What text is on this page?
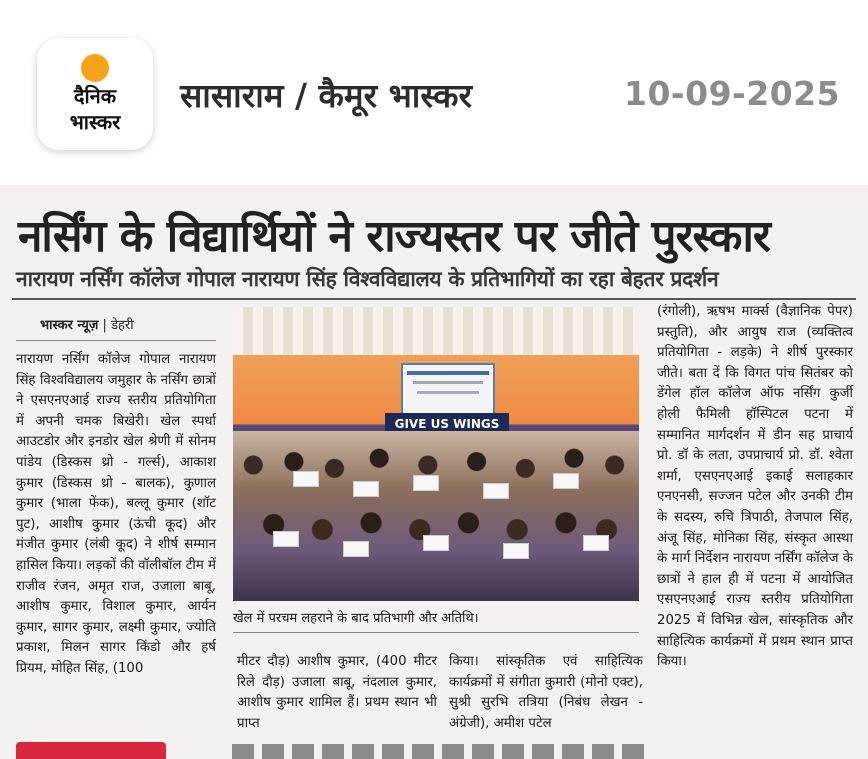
दैनिक
भास्कर
सासाराम / कैमूर भास्कर	10-09-2025
नर्सिंग के विद्यार्थियों ने राज्यस्तर पर जीते पुरस्कार
नारायण नर्सिंग कॉलेज गोपाल नारायण सिंह विश्वविद्यालय के प्रतिभागियों का रहा बेहतर प्रदर्शन
भास्कर न्यूज़ | डेहरी
नारायण नर्सिंग कॉलेज गोपाल नारायण सिंह विश्वविद्यालय जमुहार के नर्सिंग छात्रों ने एसएनएआई राज्य स्तरीय प्रतियोगिता में अपनी चमक बिखेरी। खेल स्पर्धा आउटडोर और इनडोर खेल श्रेणी में सोनम पांडेय (डिस्कस थ्रो - गर्ल्स), आकाश कुमार (डिस्कस थ्रो - बालक), कुणाल कुमार (भाला फेंक), बल्लू कुमार (शॉट पुट), आशीष कुमार (ऊंची कूद) और मंजीत कुमार (लंबी कूद) ने शीर्ष सम्मान हासिल किया। लड़कों की वॉलीबॉल टीम में राजीव रंजन, अमृत राज, उजाला बाबू, आशीष कुमार, विशाल कुमार, आर्यन कुमार, सागर कुमार, लक्ष्मी कुमार, ज्योति प्रकाश, मिलन सागर किंडो और हर्ष प्रियम, मोहित सिंह, (100
GIVE US WINGS
खेल में परचम लहराने के बाद प्रतिभागी और अतिथि।
मीटर दौड़) आशीष कुमार, (400 मीटर रिले दौड़) उजाला बाबू, नंदलाल कुमार, आशीष कुमार शामिल हैं। प्रथम स्थान भी प्राप्त
किया। सांस्कृतिक एवं साहित्यिक कार्यक्रमों में संगीता कुमारी (मोनो एक्ट), सुश्री सुरभि तत्रिया (निबंध लेखन - अंग्रेजी), अमीश पटेल
(रंगोली), ऋषभ मार्क्स (वैज्ञानिक पेपर) प्रस्तुति), और आयुष राज (व्यक्तित्व प्रतियोगिता - लड़के) ने शीर्ष पुरस्कार जीते। बता दें कि विगत पांच सितंबर को डेंगेल हॉल कॉलेज ऑफ नर्सिंग कुर्जी होली फैमिली हॉस्पिटल पटना में सम्मानित मार्गदर्शन में डीन सह प्राचार्य प्रो. डॉ के लता, उपप्राचार्य प्रो. डॉ. श्वेता शर्मा, एसएनएआई इकाई सलाहकार एनएनसी, सज्जन पटेल और उनकी टीम के सदस्य, रुचि त्रिपाठी, तेजपाल सिंह, अंजू सिंह, मोनिका सिंह, संस्कृत आस्था के मार्ग निर्देशन नारायण नर्सिंग कॉलेज के छात्रों ने हाल ही में पटना में आयोजित एसएनएआई राज्य स्तरीय प्रतियोगिता 2025 में विभिन्न खेल, सांस्कृतिक और साहित्यिक कार्यक्रमों में प्रथम स्थान प्राप्त किया।
